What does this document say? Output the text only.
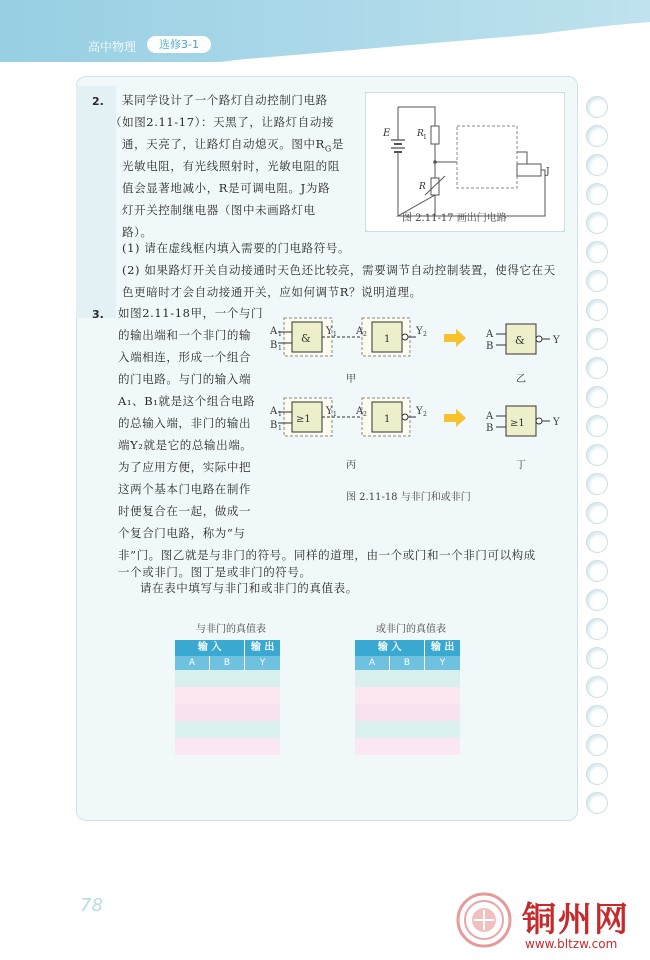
高中物理	选修3-1
2. 某同学设计了一个路灯自动控制门电路
（如图2.11-17）：天黑了，让路灯自动接
通，天亮了，让路灯自动熄灭。图中$R_G$是
光敏电阻，有光线照射时，光敏电阻的阻
值会显著地减小，R是可调电阻。J为路
灯开关控制继电器（图中未画路灯电
路）。
(1) 请在虚线框内填入需要的门电路符号。
(2) 如果路灯开关自动接通时天色还比较亮，需要调节自动控制装置，使得它在天
色更暗时才会自动接通开关，应如何调节R？说明道理。
E	R 1
R
J
图 2.11-17 画出门电路
3. 如图2.11-18甲，一个与门
的输出端和一个非门的输
入端相连，形成一个组合
的门电路。与门的输入端
A₁、B₁就是这个组合电路
的总输入端，非门的输出
端Y₂就是它的总输出端。
为了应用方便，实际中把
这两个基本门电路在制作
时便复合在一起，做成一
个复合门电路，称为“与
非”门。图乙就是与非门的符号。同样的道理，由一个或门和一个非门可以构成
一个或非门。图丁是或非门的符号。
请在表中填写与非门和或非门的真值表。
&	1
A 1
B 1
Y 1 A 2	Y 2	&
A
B
Y
甲	乙
≥1	1
A 1
B 1
Y 1 A 2	Y 2
≥1
A
B
Y
丙	丁
图 2.11-18 与非门和或非门
与非门的真值表
输 入	输 出
A	B	Y
或非门的真值表
输 入	输 出
A	B	Y
78	铜州网
www.bltzw.com
